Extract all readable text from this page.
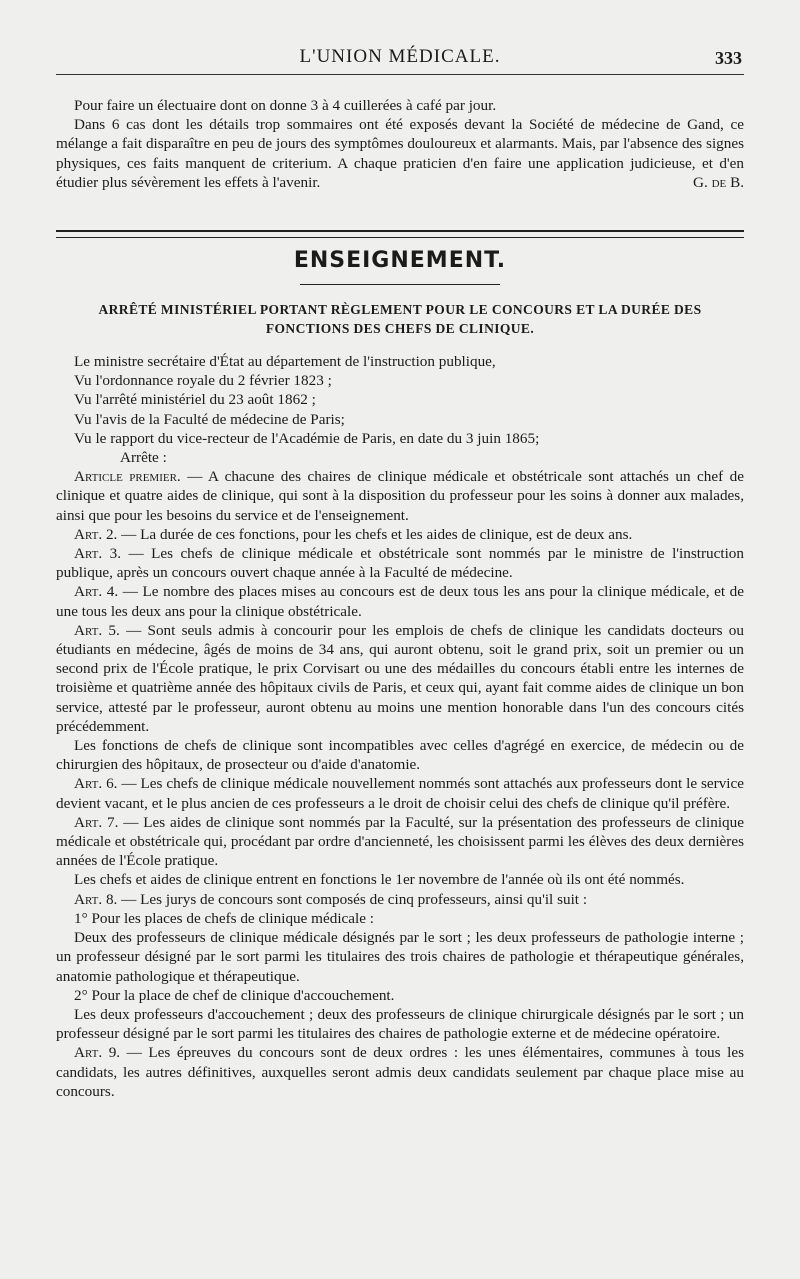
L'UNION MÉDICALE.	333

Pour faire un électuaire dont on donne 3 à 4 cuillerées à café par jour.

Dans 6 cas dont les détails trop sommaires ont été exposés devant la Société de médecine de Gand, ce mélange a fait disparaître en peu de jours des symptômes douloureux et alarmants. Mais, par l'absence des signes physiques, ces faits manquent de criterium. A chaque praticien d'en faire une application judicieuse, et d'en étudier plus sévèrement les effets à l'avenir.	G. de B.
ENSEIGNEMENT.
ARRÊTÉ MINISTÉRIEL PORTANT RÈGLEMENT POUR LE CONCOURS ET LA DURÉE DES
FONCTIONS DES CHEFS DE CLINIQUE.

Le ministre secrétaire d'État au département de l'instruction publique,

Vu l'ordonnance royale du 2 février 1823 ;

Vu l'arrêté ministériel du 23 août 1862 ;

Vu l'avis de la Faculté de médecine de Paris;

Vu le rapport du vice-recteur de l'Académie de Paris, en date du 3 juin 1865;

Arrête :

Article premier. — A chacune des chaires de clinique médicale et obstétricale sont attachés un chef de clinique et quatre aides de clinique, qui sont à la disposition du professeur pour les soins à donner aux malades, ainsi que pour les besoins du service et de l'enseignement.

Art. 2. — La durée de ces fonctions, pour les chefs et les aides de clinique, est de deux ans.

Art. 3. — Les chefs de clinique médicale et obstétricale sont nommés par le ministre de l'instruction publique, après un concours ouvert chaque année à la Faculté de médecine.

Art. 4. — Le nombre des places mises au concours est de deux tous les ans pour la clinique médicale, et de une tous les deux ans pour la clinique obstétricale.

Art. 5. — Sont seuls admis à concourir pour les emplois de chefs de clinique les candidats docteurs ou étudiants en médecine, âgés de moins de 34 ans, qui auront obtenu, soit le grand prix, soit un premier ou un second prix de l'École pratique, le prix Corvisart ou une des médailles du concours établi entre les internes de troisième et quatrième année des hôpitaux civils de Paris, et ceux qui, ayant fait comme aides de clinique un bon service, attesté par le professeur, auront obtenu au moins une mention honorable dans l'un des concours cités précédemment.

Les fonctions de chefs de clinique sont incompatibles avec celles d'agrégé en exercice, de médecin ou de chirurgien des hôpitaux, de prosecteur ou d'aide d'anatomie.

Art. 6. — Les chefs de clinique médicale nouvellement nommés sont attachés aux professeurs dont le service devient vacant, et le plus ancien de ces professeurs a le droit de choisir celui des chefs de clinique qu'il préfère.

Art. 7. — Les aides de clinique sont nommés par la Faculté, sur la présentation des professeurs de clinique médicale et obstétricale qui, procédant par ordre d'ancienneté, les choisissent parmi les élèves des deux dernières années de l'École pratique.

Les chefs et aides de clinique entrent en fonctions le 1er novembre de l'année où ils ont été nommés.

Art. 8. — Les jurys de concours sont composés de cinq professeurs, ainsi qu'il suit :

1° Pour les places de chefs de clinique médicale :

Deux des professeurs de clinique médicale désignés par le sort ; les deux professeurs de pathologie interne ; un professeur désigné par le sort parmi les titulaires des trois chaires de pathologie et thérapeutique générales, anatomie pathologique et thérapeutique.

2° Pour la place de chef de clinique d'accouchement.

Les deux professeurs d'accouchement ; deux des professeurs de clinique chirurgicale désignés par le sort ; un professeur désigné par le sort parmi les titulaires des chaires de pathologie externe et de médecine opératoire.

Art. 9. — Les épreuves du concours sont de deux ordres : les unes élémentaires, communes à tous les candidats, les autres définitives, auxquelles seront admis deux candidats seulement par chaque place mise au concours.
